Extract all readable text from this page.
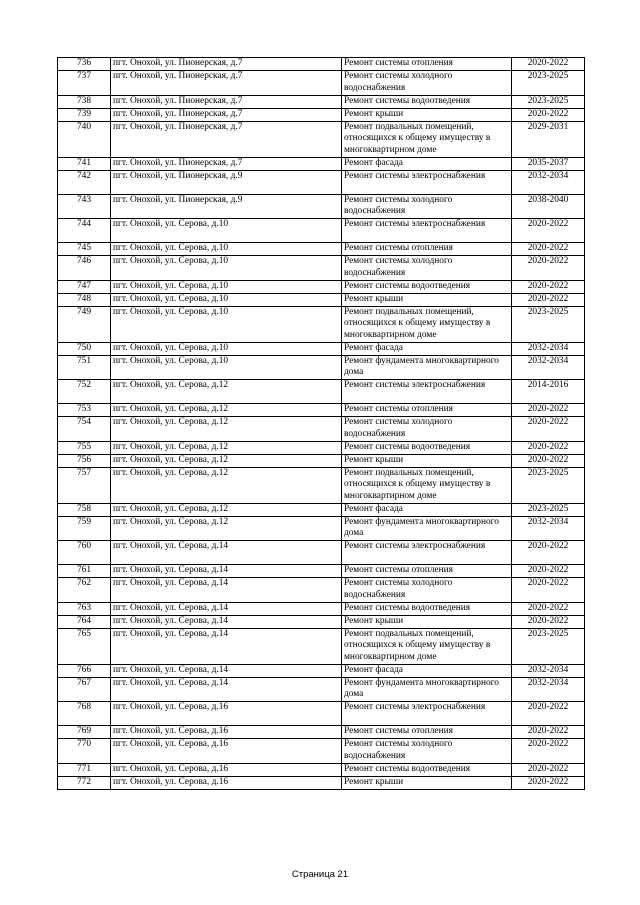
736	пгт. Онохой, ул. Пионерская, д.7	Ремонт системы отопления	2020-2022
737	пгт. Онохой, ул. Пионерская, д.7	Ремонт системы холодного
водоснабжения	2023-2025
738	пгт. Онохой, ул. Пионерская, д.7	Ремонт системы водоотведения	2023-2025
739	пгт. Онохой, ул. Пионерская, д.7	Ремонт крыши	2020-2022
740	пгт. Онохой, ул. Пионерская, д.7	Ремонт подвальных помещений,
относящихся к общему имуществу в
многоквартирном доме	2029-2031
741	пгт. Онохой, ул. Пионерская, д.7	Ремонт фасада	2035-2037
742	пгт. Онохой, ул. Пионерская, д.9	Ремонт системы электроснабжения	2032-2034
743	пгт. Онохой, ул. Пионерская, д.9	Ремонт системы холодного
водоснабжения	2038-2040
744	пгт. Онохой, ул. Серова, д.10	Ремонт системы электроснабжения	2020-2022
745	пгт. Онохой, ул. Серова, д.10	Ремонт системы отопления	2020-2022
746	пгт. Онохой, ул. Серова, д.10	Ремонт системы холодного
водоснабжения	2020-2022
747	пгт. Онохой, ул. Серова, д.10	Ремонт системы водоотведения	2020-2022
748	пгт. Онохой, ул. Серова, д.10	Ремонт крыши	2020-2022
749	пгт. Онохой, ул. Серова, д.10	Ремонт подвальных помещений,
относящихся к общему имуществу в
многоквартирном доме	2023-2025
750	пгт. Онохой, ул. Серова, д.10	Ремонт фасада	2032-2034
751	пгт. Онохой, ул. Серова, д.10	Ремонт фундамента многоквартирного
дома	2032-2034
752	пгт. Онохой, ул. Серова, д.12	Ремонт системы электроснабжения	2014-2016
753	пгт. Онохой, ул. Серова, д.12	Ремонт системы отопления	2020-2022
754	пгт. Онохой, ул. Серова, д.12	Ремонт системы холодного
водоснабжения	2020-2022
755	пгт. Онохой, ул. Серова, д.12	Ремонт системы водоотведения	2020-2022
756	пгт. Онохой, ул. Серова, д.12	Ремонт крыши	2020-2022
757	пгт. Онохой, ул. Серова, д.12	Ремонт подвальных помещений,
относящихся к общему имуществу в
многоквартирном доме	2023-2025
758	пгт. Онохой, ул. Серова, д.12	Ремонт фасада	2023-2025
759	пгт. Онохой, ул. Серова, д.12	Ремонт фундамента многоквартирного
дома	2032-2034
760	пгт. Онохой, ул. Серова, д.14	Ремонт системы электроснабжения	2020-2022
761	пгт. Онохой, ул. Серова, д.14	Ремонт системы отопления	2020-2022
762	пгт. Онохой, ул. Серова, д.14	Ремонт системы холодного
водоснабжения	2020-2022
763	пгт. Онохой, ул. Серова, д.14	Ремонт системы водоотведения	2020-2022
764	пгт. Онохой, ул. Серова, д.14	Ремонт крыши	2020-2022
765	пгт. Онохой, ул. Серова, д.14	Ремонт подвальных помещений,
относящихся к общему имуществу в
многоквартирном доме	2023-2025
766	пгт. Онохой, ул. Серова, д.14	Ремонт фасада	2032-2034
767	пгт. Онохой, ул. Серова, д.14	Ремонт фундамента многоквартирного
дома	2032-2034
768	пгт. Онохой, ул. Серова, д.16	Ремонт системы электроснабжения	2020-2022
769	пгт. Онохой, ул. Серова, д.16	Ремонт системы отопления	2020-2022
770	пгт. Онохой, ул. Серова, д.16	Ремонт системы холодного
водоснабжения	2020-2022
771	пгт. Онохой, ул. Серова, д.16	Ремонт системы водоотведения	2020-2022
772	пгт. Онохой, ул. Серова, д.16	Ремонт крыши	2020-2022
Страница 21
